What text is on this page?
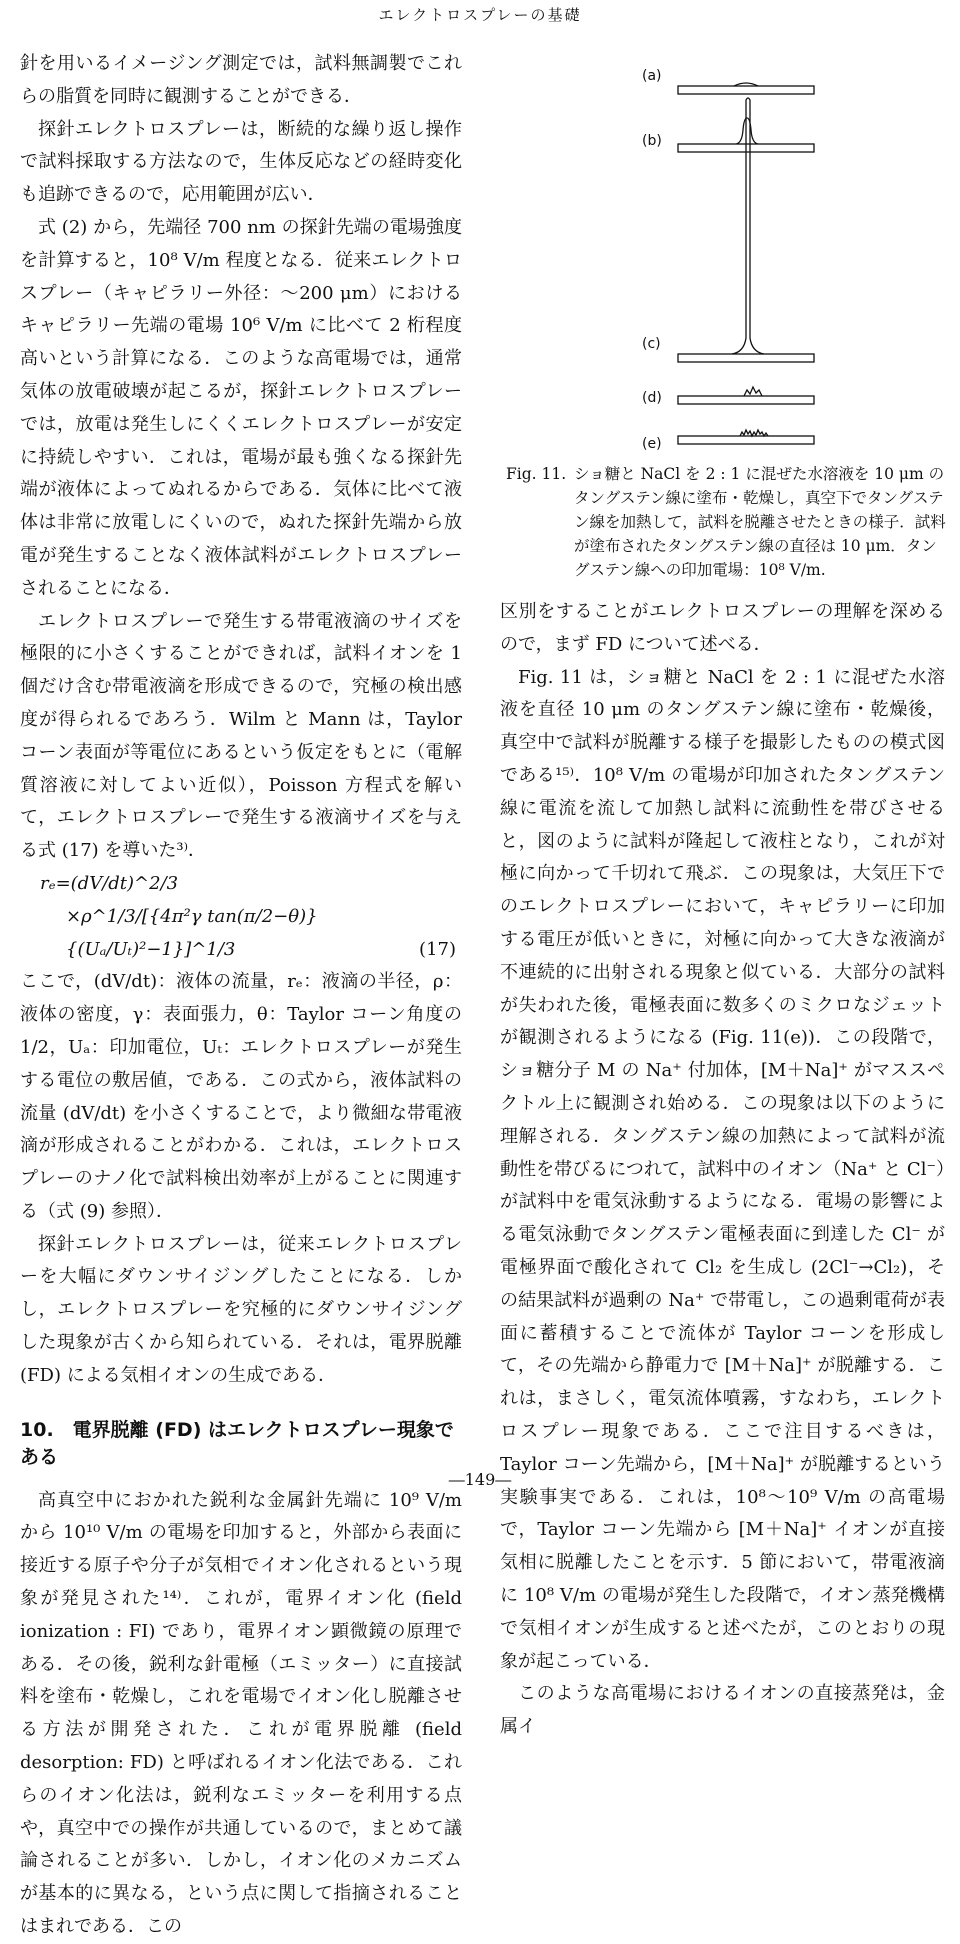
エレクトロスプレーの基礎

針を用いるイメージング測定では，試料無調製でこれらの脂質を同時に観測することができる．

探針エレクトロスプレーは，断続的な繰り返し操作で試料採取する方法なので，生体反応などの経時変化も追跡できるので，応用範囲が広い．

式 (2) から，先端径 700 nm の探針先端の電場強度を計算すると，10⁸ V/m 程度となる．従来エレクトロスプレー（キャピラリー外径：～200 μm）におけるキャピラリー先端の電場 10⁶ V/m に比べて 2 桁程度高いという計算になる．このような高電場では，通常気体の放電破壊が起こるが，探針エレクトロスプレーでは，放電は発生しにくくエレクトロスプレーが安定に持続しやすい．これは，電場が最も強くなる探針先端が液体によってぬれるからである．気体に比べて液体は非常に放電しにくいので，ぬれた探針先端から放電が発生することなく液体試料がエレクトロスプレーされることになる．

エレクトロスプレーで発生する帯電液滴のサイズを極限的に小さくすることができれば，試料イオンを 1 個だけ含む帯電液滴を形成できるので，究極の検出感度が得られるであろう．Wilm と Mann は，Taylor コーン表面が等電位にあるという仮定をもとに（電解質溶液に対してよい近似），Poisson 方程式を解いて，エレクトロスプレーで発生する液滴サイズを与える式 (17) を導いた³⁾．

rₑ=(dV/dt)^2/3
×ρ^1/3/[{4π²γ tan(π/2−θ)} {(Uₐ/Uₜ)²−1}]^1/3	(17)

ここで，(dV/dt)：液体の流量，rₑ：液滴の半径，ρ：液体の密度，γ：表面張力，θ：Taylor コーン角度の 1/2，Uₐ：印加電位，Uₜ：エレクトロスプレーが発生する電位の敷居値，である．この式から，液体試料の流量 (dV/dt) を小さくすることで，より微細な帯電液滴が形成されることがわかる．これは，エレクトロスプレーのナノ化で試料検出効率が上がることに関連する（式 (9) 参照）．

探針エレクトロスプレーは，従来エレクトロスプレーを大幅にダウンサイジングしたことになる．しかし，エレクトロスプレーを究極的にダウンサイジングした現象が古くから知られている．それは，電界脱離 (FD) による気相イオンの生成である．

10.　電界脱離 (FD) はエレクトロスプレー現象である

高真空中におかれた鋭利な金属針先端に 10⁹ V/m から 10¹⁰ V/m の電場を印加すると，外部から表面に接近する原子や分子が気相でイオン化されるという現象が発見された¹⁴⁾．これが，電界イオン化 (field ionization : FI) であり，電界イオン顕微鏡の原理である．その後，鋭利な針電極（エミッター）に直接試料を塗布・乾燥し，これを電場でイオン化し脱離させる方法が開発された．これが電界脱離 (field desorption: FD) と呼ばれるイオン化法である．これらのイオン化法は，鋭利なエミッターを利用する点や，真空中での操作が共通しているので，まとめて議論されることが多い．しかし，イオン化のメカニズムが基本的に異なる，という点に関して指摘されることはまれである．この

(a)
(b)
(c)
(d)
(e)
Fig. 11. ショ糖と NaCl を 2 : 1 に混ぜた水溶液を 10 μm のタングステン線に塗布・乾燥し，真空下でタングステン線を加熱して，試料を脱離させたときの様子．試料が塗布されたタングステン線の直径は 10 μm．タングステン線への印加電場：10⁸ V/m.

区別をすることがエレクトロスプレーの理解を深めるので，まず FD について述べる．

Fig. 11 は，ショ糖と NaCl を 2 : 1 に混ぜた水溶液を直径 10 μm のタングステン線に塗布・乾燥後，真空中で試料が脱離する様子を撮影したものの模式図である¹⁵⁾．10⁸ V/m の電場が印加されたタングステン線に電流を流して加熱し試料に流動性を帯びさせると，図のように試料が隆起して液柱となり，これが対極に向かって千切れて飛ぶ．この現象は，大気圧下でのエレクトロスプレーにおいて，キャピラリーに印加する電圧が低いときに，対極に向かって大きな液滴が不連続的に出射される現象と似ている．大部分の試料が失われた後，電極表面に数多くのミクロなジェットが観測されるようになる (Fig. 11(e))．この段階で，ショ糖分子 M の Na⁺ 付加体，[M＋Na]⁺ がマススペクトル上に観測され始める．この現象は以下のように理解される．タングステン線の加熱によって試料が流動性を帯びるにつれて，試料中のイオン（Na⁺ と Cl⁻）が試料中を電気泳動するようになる．電場の影響による電気泳動でタングステン電極表面に到達した Cl⁻ が電極界面で酸化されて Cl₂ を生成し (2Cl⁻→Cl₂)，その結果試料が過剰の Na⁺ で帯電し，この過剰電荷が表面に蓄積することで流体が Taylor コーンを形成して，その先端から静電力で [M＋Na]⁺ が脱離する．これは，まさしく，電気流体噴霧，すなわち，エレクトロスプレー現象である．ここで注目するべきは，Taylor コーン先端から，[M＋Na]⁺ が脱離するという実験事実である．これは，10⁸〜10⁹ V/m の高電場で，Taylor コーン先端から [M＋Na]⁺ イオンが直接気相に脱離したことを示す．5 節において，帯電液滴に 10⁸ V/m の電場が発生した段階で，イオン蒸発機構で気相イオンが生成すると述べたが，このとおりの現象が起こっている．

このような高電場におけるイオンの直接蒸発は，金属イ

―149―
